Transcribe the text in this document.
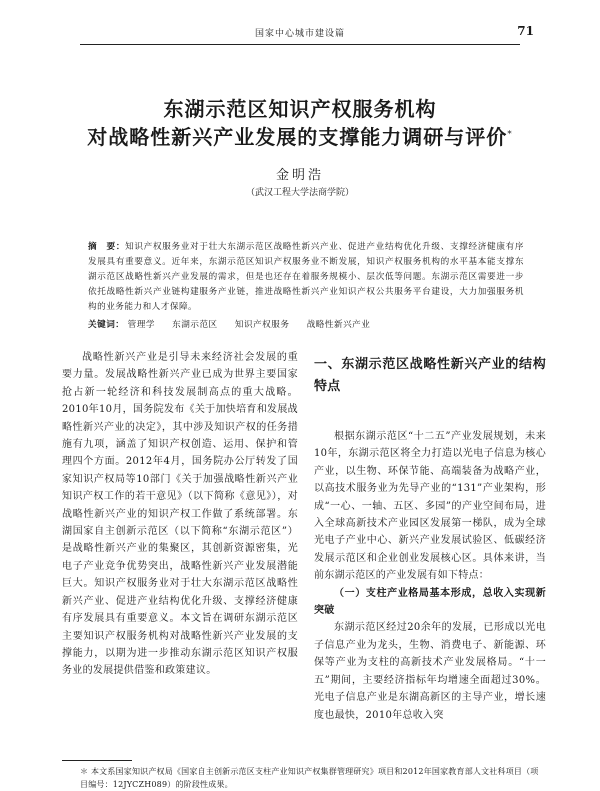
国家中心城市建设篇	71
东湖示范区知识产权服务机构
对战略性新兴产业发展的支撑能力调研与评价*
金明浩
（武汉工程大学法商学院）
摘　要：知识产权服务业对于壮大东湖示范区战略性新兴产业、促进产业结构优化升级、支撑经济健康有序发展具有重要意义。近年来，东湖示范区知识产权服务业不断发展，知识产权服务机构的水平基本能支撑东湖示范区战略性新兴产业发展的需求，但是也还存在着服务规模小、层次低等问题。东湖示范区需要进一步依托战略性新兴产业链构建服务产业链，推进战略性新兴产业知识产权公共服务平台建设，大力加强服务机构的业务能力和人才保障。
关键词： 管理学 东湖示范区 知识产权服务 战略性新兴产业

战略性新兴产业是引导未来经济社会发展的重要力量。发展战略性新兴产业已成为世界主要国家抢占新一轮经济和科技发展制高点的重大战略。2010年10月，国务院发布《关于加快培育和发展战略性新兴产业的决定》，其中涉及知识产权的任务措施有九项，涵盖了知识产权创造、运用、保护和管理四个方面。2012年4月，国务院办公厅转发了国家知识产权局等10部门《关于加强战略性新兴产业知识产权工作的若干意见》（以下简称《意见》），对战略性新兴产业的知识产权工作做了系统部署。东湖国家自主创新示范区（以下简称“东湖示范区”）是战略性新兴产业的集聚区，其创新资源密集，光电子产业竞争优势突出，战略性新兴产业发展潜能巨大。知识产权服务业对于壮大东湖示范区战略性新兴产业、促进产业结构优化升级、支撑经济健康有序发展具有重要意义。本文旨在调研东湖示范区主要知识产权服务机构对战略性新兴产业发展的支撑能力，以期为进一步推动东湖示范区知识产权服务业的发展提供借鉴和政策建议。

一、东湖示范区战略性新兴产业的结构特点

根据东湖示范区“十二五”产业发展规划，未来10年，东湖示范区将全力打造以光电子信息为核心产业，以生物、环保节能、高端装备为战略产业，以高技术服务业为先导产业的“131”产业架构，形成“一心、一轴、五区、多园”的产业空间布局，进入全球高新技术产业园区发展第一梯队，成为全球光电子产业中心、新兴产业发展试验区、低碳经济发展示范区和企业创业发展核心区。具体来讲，当前东湖示范区的产业发展有如下特点：

（一）支柱产业格局基本形成，总收入实现新突破

东湖示范区经过20余年的发展，已形成以光电子信息产业为龙头，生物、消费电子、新能源、环保等产业为支柱的高新技术产业发展格局。“十一五”期间，主要经济指标年均增速全面超过30%。光电子信息产业是东湖高新区的主导产业，增长速度也最快，2010年总收入突

＊ 本文系国家知识产权局《国家自主创新示范区支柱产业知识产权集群管理研究》项目和2012年国家教育部人文社科项目（项目编号：12JYCZH089）的阶段性成果。
